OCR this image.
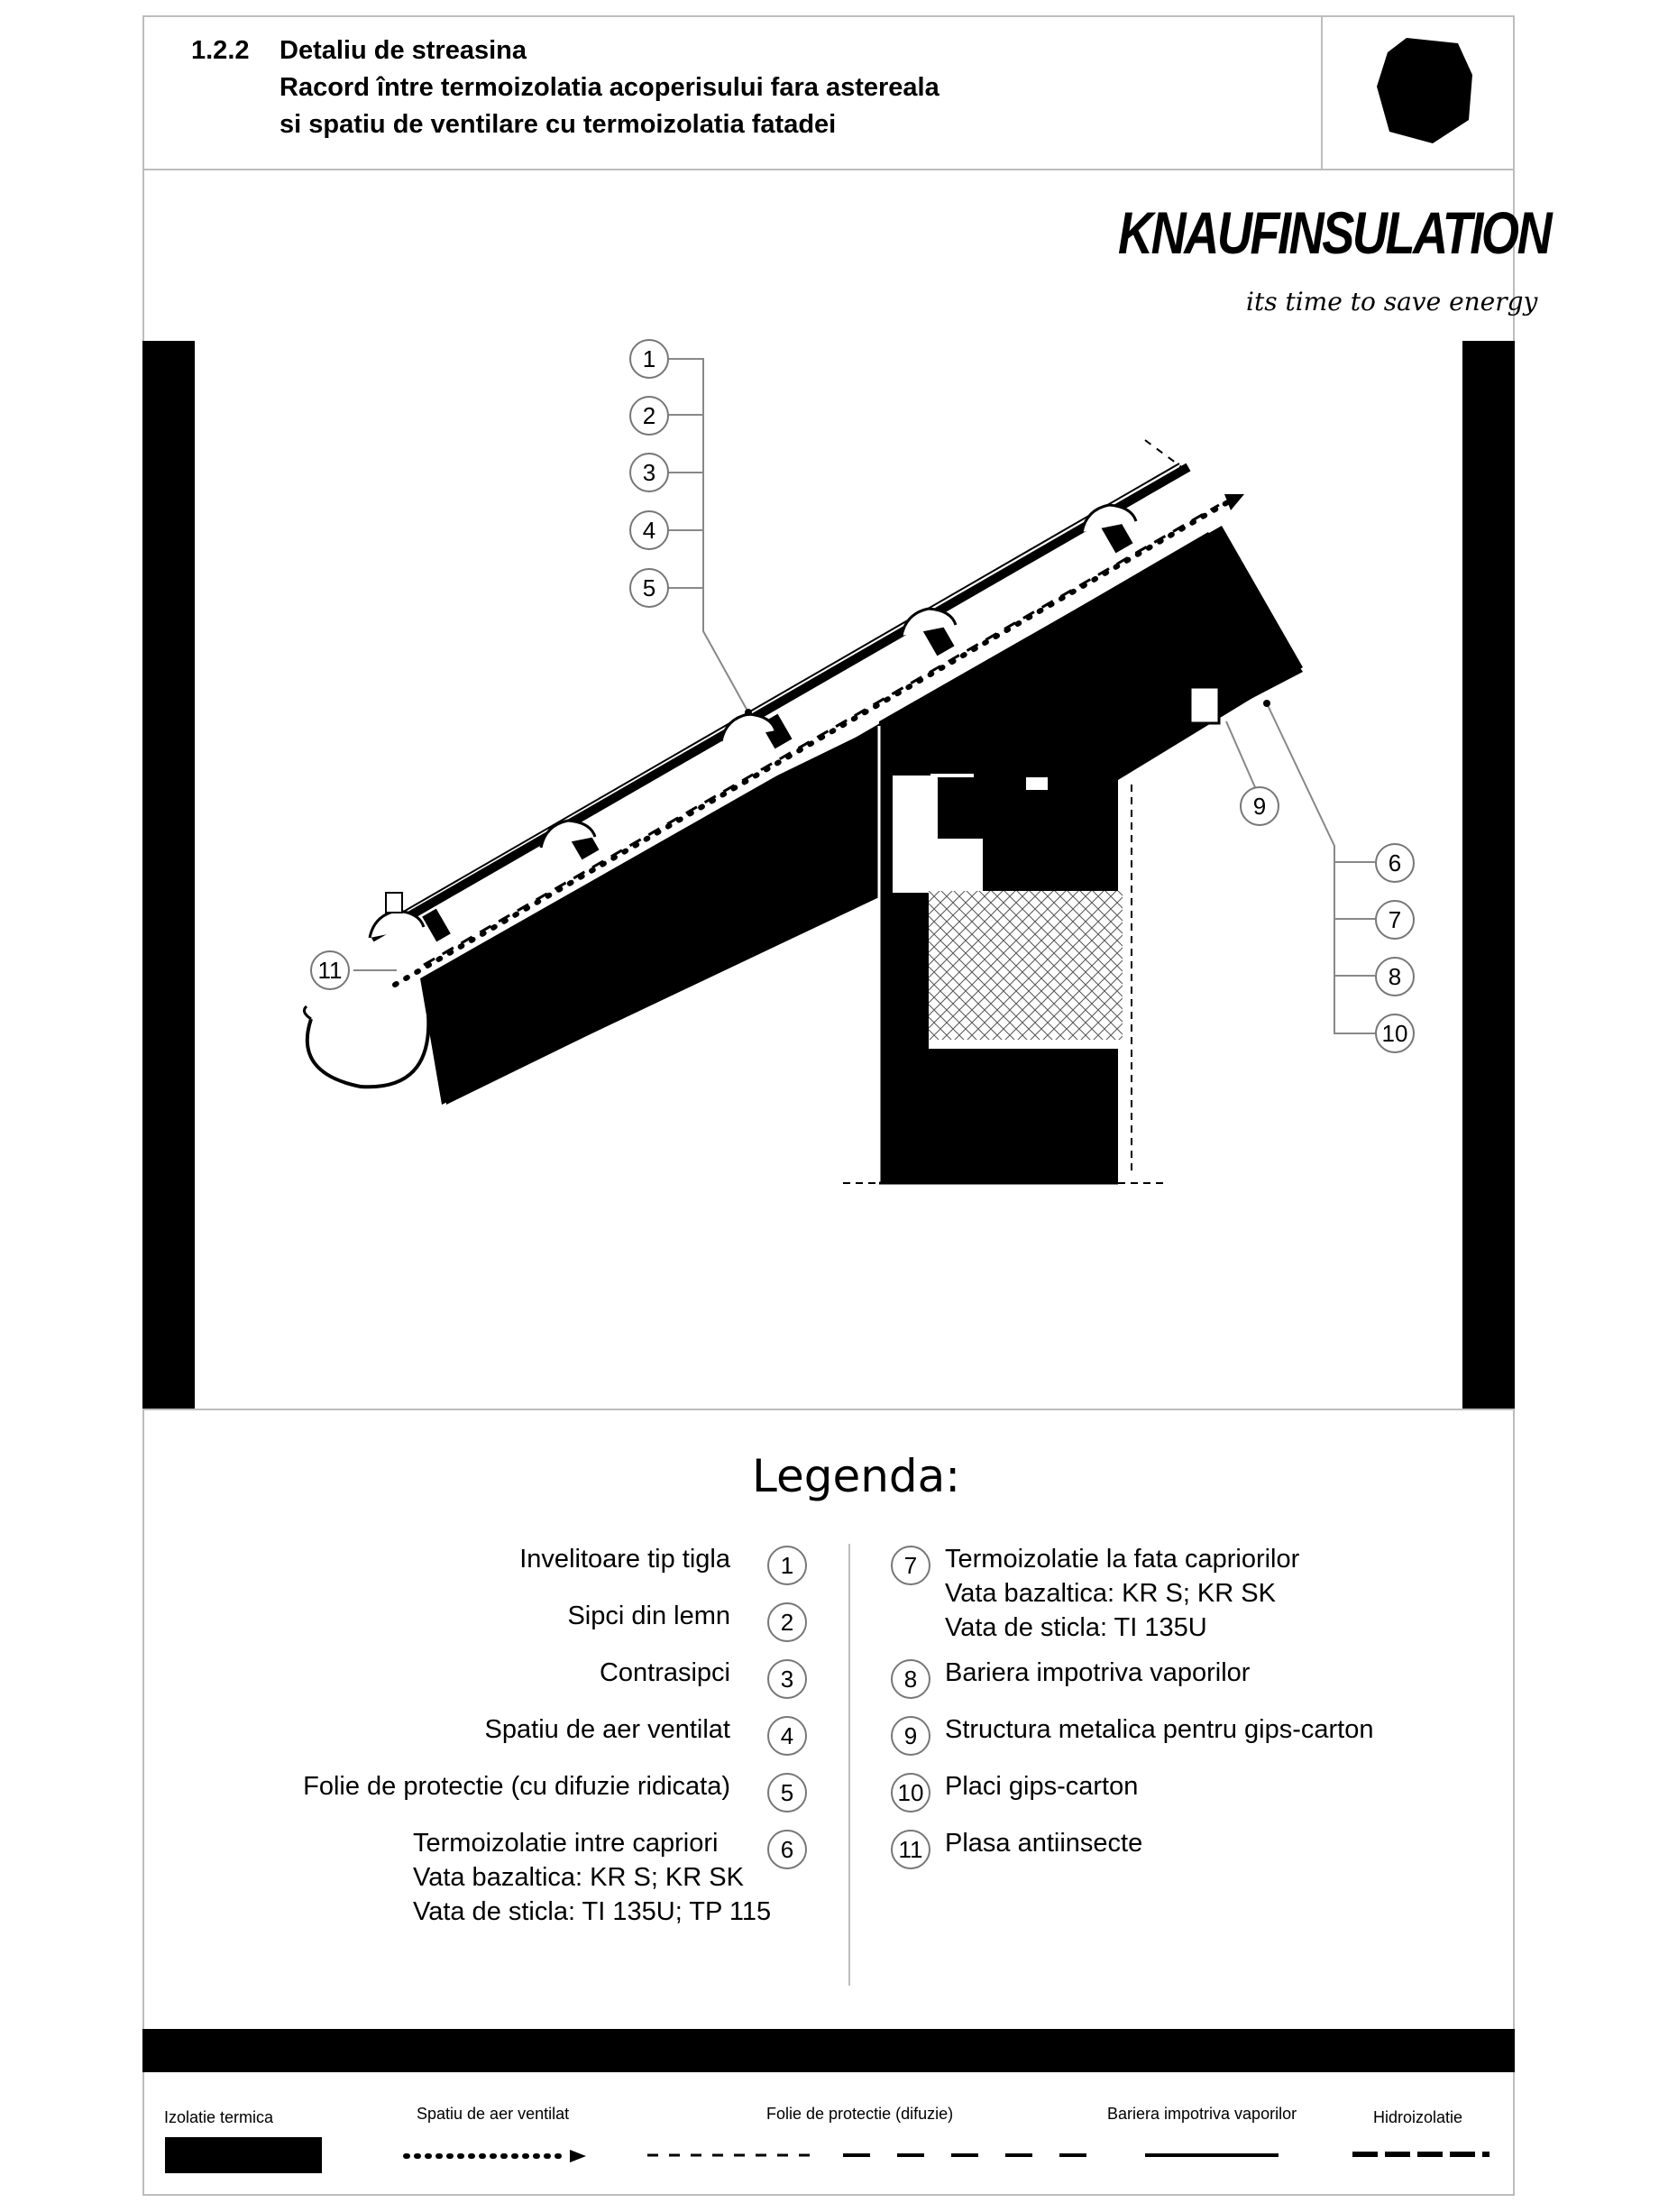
1.2.2 Detaliu de streasina
Racord între termoizolatia acoperisului fara astereala
si spatiu de ventilare cu termoizolatia fatadei
KNAUFINSULATION
its time to save energy
1
2
3
4
5
6
7
8
9
10
11
Legenda:
Invelitoare tip tigla	1
Sipci din lemn	2
Contrasipci	3
Spatiu de aer ventilat	4
Folie de protectie (cu difuzie ridicata)	5
Termoizolatie intre capriori
Vata bazaltica: KR S; KR SK
Vata de sticla: TI 135U; TP 115
6
7	Termoizolatie la fata capriorilor
Vata bazaltica: KR S; KR SK
Vata de sticla: TI 135U
8	Bariera impotriva vaporilor
9	Structura metalica pentru gips-carton
10 Placi gips-carton
11 Plasa antiinsecte
Izolatie termica	Spatiu de aer ventilat	Folie de protectie (difuzie)	Bariera impotriva vaporilor	Hidroizolatie
